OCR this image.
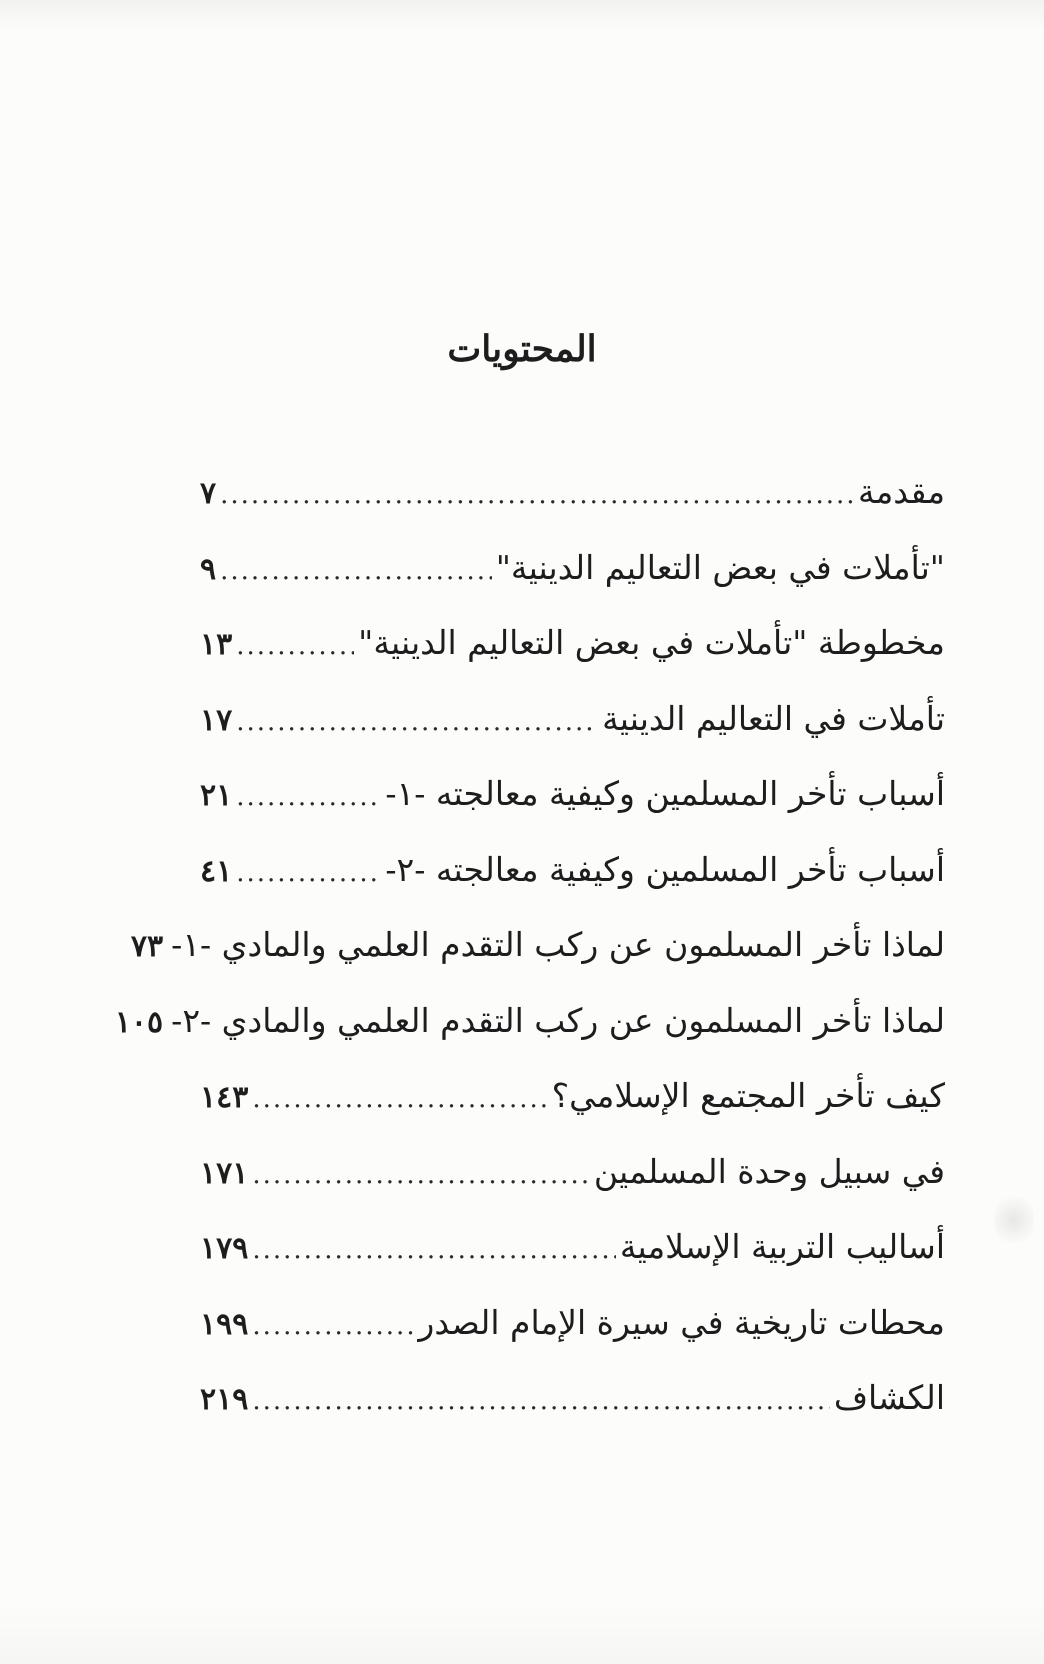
المحتويات
مقدمة
.....
٧
"تأملات في بعض التعاليم الدينية"
.....
٩
مخطوطة "تأملات في بعض التعاليم الدينية"
.....
١٣
تأملات في التعاليم الدينية
.....
١٧
أسباب تأخر المسلمين وكيفية معالجته -١-
.....
٢١
أسباب تأخر المسلمين وكيفية معالجته -٢-
.....
٤١
لماذا تأخر المسلمون عن ركب التقدم العلمي والمادي -١-
٧٣
لماذا تأخر المسلمون عن ركب التقدم العلمي والمادي -٢-
١٠٥
كيف تأخر المجتمع الإسلامي؟
.....
١٤٣
في سبيل وحدة المسلمين
.....
١٧١
أساليب التربية الإسلامية
.....
١٧٩
محطات تاريخية في سيرة الإمام الصدر
.....
١٩٩
الكشاف
.....
٢١٩
